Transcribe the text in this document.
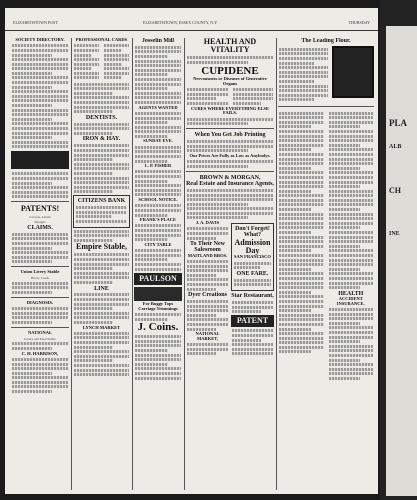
ELIZABETHTOWN POST.	ELIZABETHTOWN, ESSEX COUNTY, N.Y.	THURSDAY
SOCIETY DIRECTORY.
PATENTS!
Caveats, Labels
Designs
CLAIMS.
Union Livery Stable
Heavy Loads
DIAGNOSIS.
NATIONAL
Livery and Feed Stable
C. H. HARRISON,
PROFESSIONAL CARDS
DENTISTS.
IRON & HAY.
CITIZENS BANK
Empire Stable,
LINE
LYNCH MARKET
Josselin Mill
AGENTS WANTED
SUNDAY EVE.
L. P. FISHER
SCHOOL NOTICE.
FRANK'S PLACE
CITY TABLE
PAULSON
For Buggy Tops
Carriage Trimmings
J. Coins.
HEALTH AND VITALITY
CUPIDENE
Nervousness or Diseases of Generative Organs
CURES WHERE EVERYTHING ELSE FAILS.
When You Get Job Printing
Our Prices Are Fully as Low as Anybodys.
BROWN & MORGAN,
Real Estate and Insurance Agents,
J. A. DAVIS
To Their New Salesroom
MAITLAND BROS.
Dyer Creations
NATIONAL MARKET,
Don't Forget! What?
Admission Day
SAN FRANCISCO
ONE FARE.
Star Restaurant,
PATENT
The Leading Flour.
HEALTH
ACCIDENT INSURANCE.
PLA
ALB
CH
INE
